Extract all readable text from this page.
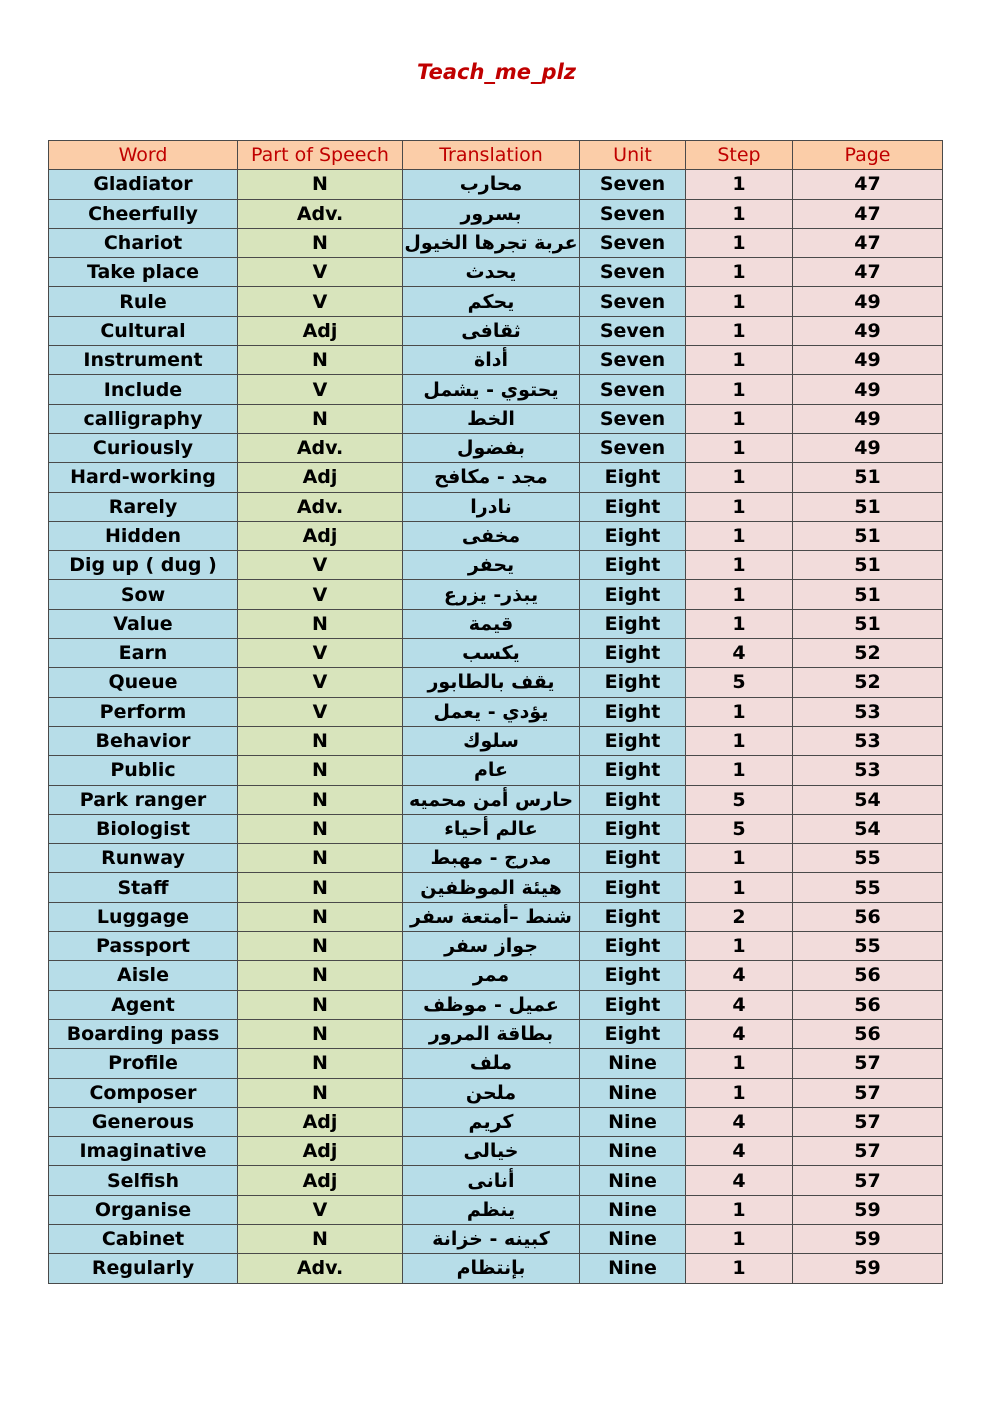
Teach_me_plz
Word	Part of Speech	Translation	Unit	Step	Page
Gladiator	N	محارب	Seven	1	47
Cheerfully	Adv.	بسرور	Seven	1	47
Chariot	N	عربة تجرها الخيول	Seven	1	47
Take place	V	يحدث	Seven	1	47
Rule	V	يحكم	Seven	1	49
Cultural	Adj	ثقافى	Seven	1	49
Instrument	N	أداة	Seven	1	49
Include	V	يحتوي - يشمل	Seven	1	49
calligraphy	N	الخط	Seven	1	49
Curiously	Adv.	بفضول	Seven	1	49
Hard-working	Adj	مجد - مكافح	Eight	1	51
Rarely	Adv.	نادرا	Eight	1	51
Hidden	Adj	مخفى	Eight	1	51
Dig up ( dug )	V	يحفر	Eight	1	51
Sow	V	يبذر- يزرع	Eight	1	51
Value	N	قيمة	Eight	1	51
Earn	V	يكسب	Eight	4	52
Queue	V	يقف بالطابور	Eight	5	52
Perform	V	يؤدي - يعمل	Eight	1	53
Behavior	N	سلوك	Eight	1	53
Public	N	عام	Eight	1	53
Park ranger	N	حارس أمن محميه	Eight	5	54
Biologist	N	عالم أحياء	Eight	5	54
Runway	N	مدرج - مهبط	Eight	1	55
Staff	N	هيئة الموظفين	Eight	1	55
Luggage	N	شنط –أمتعة سفر	Eight	2	56
Passport	N	جواز سفر	Eight	1	55
Aisle	N	ممر	Eight	4	56
Agent	N	عميل - موظف	Eight	4	56
Boarding pass	N	بطاقة المرور	Eight	4	56
Profile	N	ملف	Nine	1	57
Composer	N	ملحن	Nine	1	57
Generous	Adj	كريم	Nine	4	57
Imaginative	Adj	خيالى	Nine	4	57
Selfish	Adj	أنانى	Nine	4	57
Organise	V	ينظم	Nine	1	59
Cabinet	N	كبينه - خزانة	Nine	1	59
Regularly	Adv.	بإنتظام	Nine	1	59
